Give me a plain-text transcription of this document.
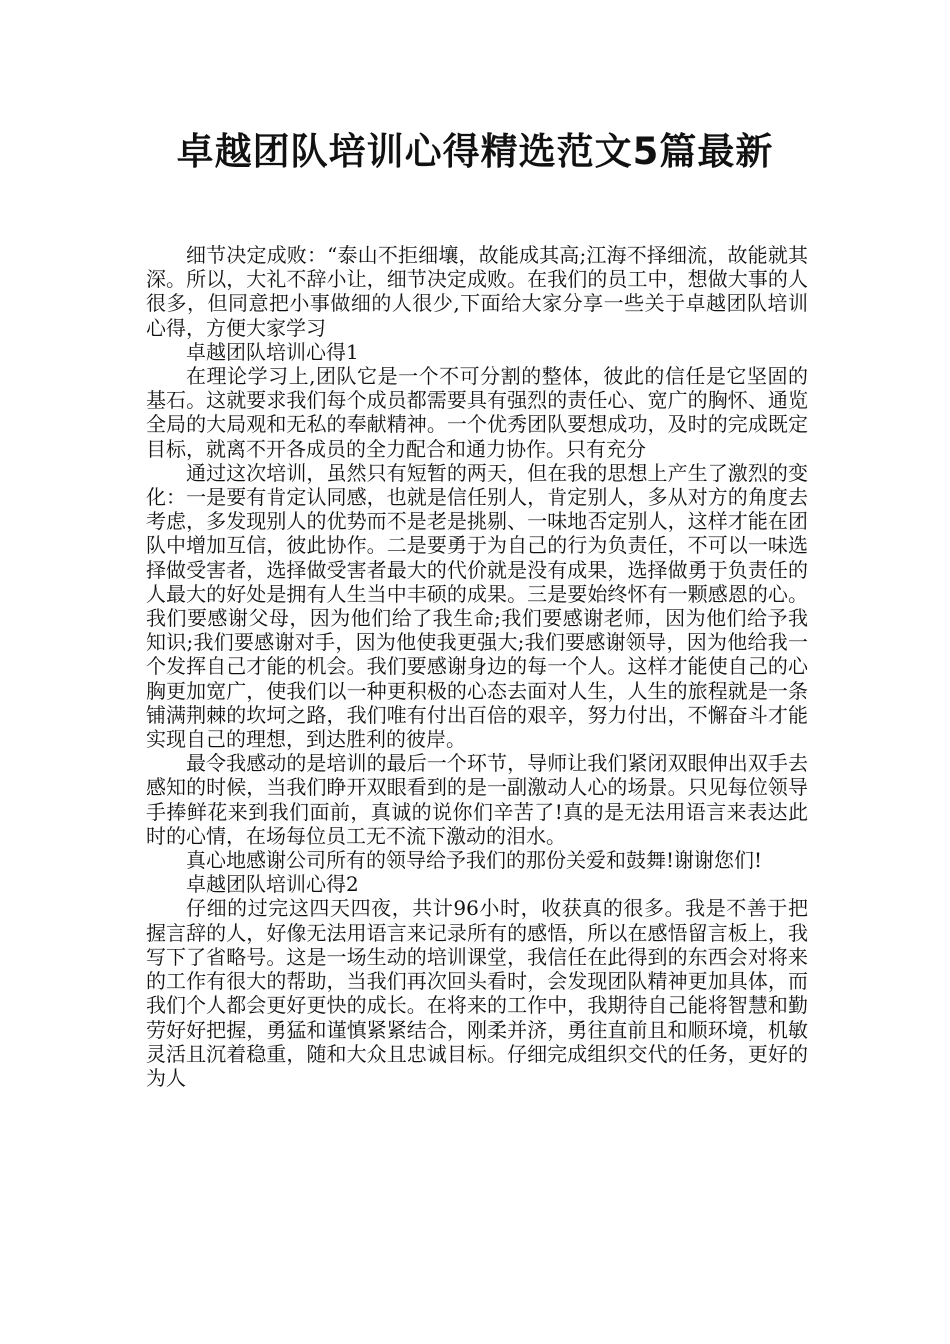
卓越团队培训心得精选范文5篇最新

细节决定成败：“泰山不拒细壤，故能成其高;江海不择细流，故能就其深。所以，大礼不辞小让，细节决定成败。在我们的员工中，想做大事的人很多，但同意把小事做细的人很少,下面给大家分享一些关于卓越团队培训心得，方便大家学习

卓越团队培训心得1

在理论学习上,团队它是一个不可分割的整体，彼此的信任是它坚固的基石。这就要求我们每个成员都需要具有强烈的责任心、宽广的胸怀、通览全局的大局观和无私的奉献精神。一个优秀团队要想成功，及时的完成既定目标，就离不开各成员的全力配合和通力协作。只有充分

通过这次培训，虽然只有短暂的两天，但在我的思想上产生了激烈的变化：一是要有肯定认同感，也就是信任别人，肯定别人，多从对方的角度去考虑，多发现别人的优势而不是老是挑剔、一味地否定别人，这样才能在团队中增加互信，彼此协作。二是要勇于为自己的行为负责任，不可以一味选择做受害者，选择做受害者最大的代价就是没有成果，选择做勇于负责任的人最大的好处是拥有人生当中丰硕的成果。三是要始终怀有一颗感恩的心。我们要感谢父母，因为他们给了我生命;我们要感谢老师，因为他们给予我知识;我们要感谢对手，因为他使我更强大;我们要感谢领导，因为他给我一个发挥自己才能的机会。我们要感谢身边的每一个人。这样才能使自己的心胸更加宽广，使我们以一种更积极的心态去面对人生，人生的旅程就是一条铺满荆棘的坎坷之路，我们唯有付出百倍的艰辛，努力付出，不懈奋斗才能实现自己的理想，到达胜利的彼岸。

最令我感动的是培训的最后一个环节，导师让我们紧闭双眼伸出双手去感知的时候，当我们睁开双眼看到的是一副激动人心的场景。只见每位领导手捧鲜花来到我们面前，真诚的说你们辛苦了!真的是无法用语言来表达此时的心情，在场每位员工无不流下激动的泪水。

真心地感谢公司所有的领导给予我们的那份关爱和鼓舞!谢谢您们!

卓越团队培训心得2

仔细的过完这四天四夜，共计96小时，收获真的很多。我是不善于把握言辞的人，好像无法用语言来记录所有的感悟，所以在感悟留言板上，我写下了省略号。这是一场生动的培训课堂，我信任在此得到的东西会对将来的工作有很大的帮助，当我们再次回头看时，会发现团队精神更加具体，而我们个人都会更好更快的成长。在将来的工作中，我期待自己能将智慧和勤劳好好把握，勇猛和谨慎紧紧结合，刚柔并济，勇往直前且和顺环境，机敏灵活且沉着稳重，随和大众且忠诚目标。仔细完成组织交代的任务，更好的为人
